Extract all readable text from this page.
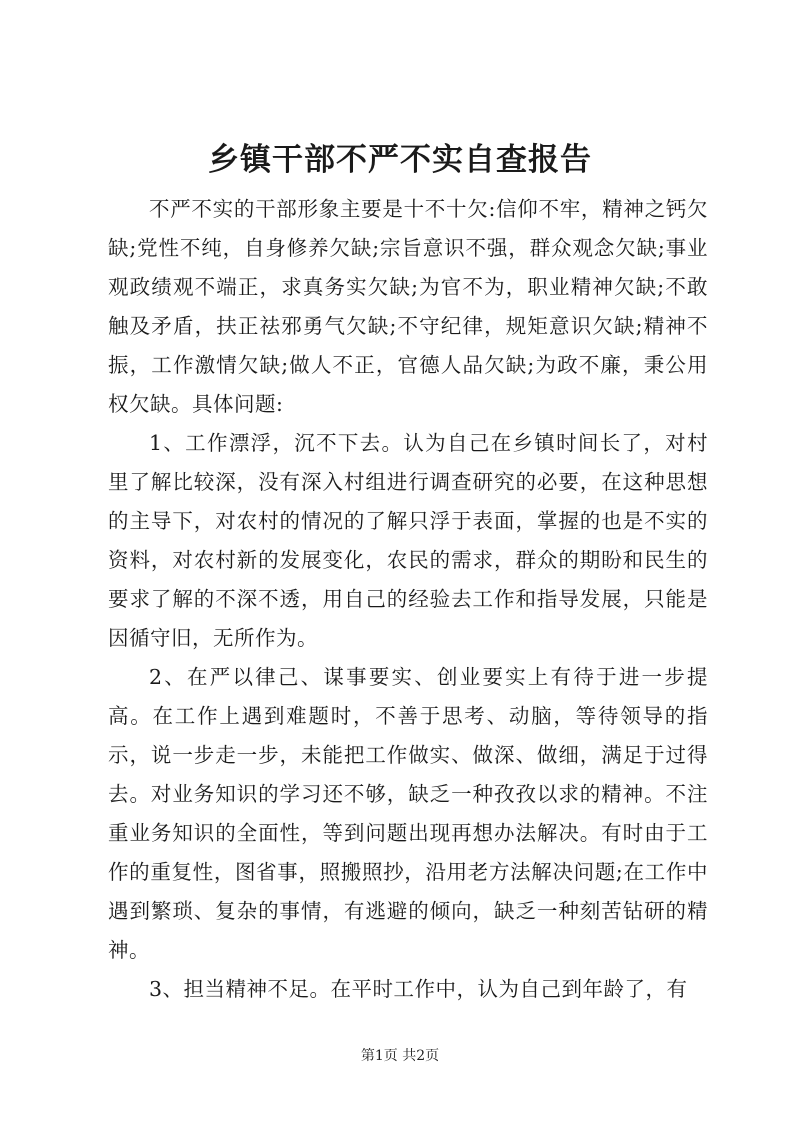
乡镇干部不严不实自查报告

不严不实的干部形象主要是十不十欠:信仰不牢，精神之钙欠缺;党性不纯，自身修养欠缺;宗旨意识不强，群众观念欠缺;事业观政绩观不端正，求真务实欠缺;为官不为，职业精神欠缺;不敢触及矛盾，扶正祛邪勇气欠缺;不守纪律，规矩意识欠缺;精神不振，工作激情欠缺;做人不正，官德人品欠缺;为政不廉，秉公用权欠缺。具体问题:

1、工作漂浮，沉不下去。认为自己在乡镇时间长了，对村里了解比较深，没有深入村组进行调查研究的必要，在这种思想的主导下，对农村的情况的了解只浮于表面，掌握的也是不实的资料，对农村新的发展变化，农民的需求，群众的期盼和民生的要求了解的不深不透，用自己的经验去工作和指导发展，只能是因循守旧，无所作为。

2、在严以律己、谋事要实、创业要实上有待于进一步提高。在工作上遇到难题时，不善于思考、动脑，等待领导的指示，说一步走一步，未能把工作做实、做深、做细，满足于过得去。对业务知识的学习还不够，缺乏一种孜孜以求的精神。不注重业务知识的全面性，等到问题出现再想办法解决。有时由于工作的重复性，图省事，照搬照抄，沿用老方法解决问题;在工作中遇到繁琐、复杂的事情，有逃避的倾向，缺乏一种刻苦钻研的精神。

3、担当精神不足。在平时工作中，认为自己到年龄了，有

第1页 共2页
